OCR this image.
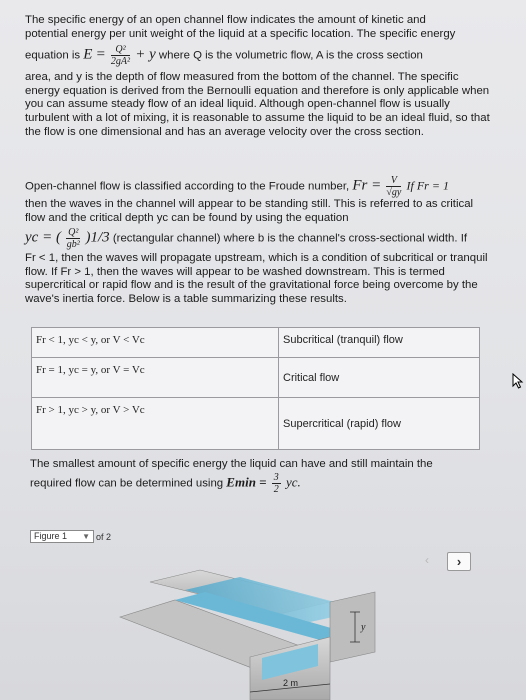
The specific energy of an open channel flow indicates the amount of kinetic and
potential energy per unit weight of the liquid at a specific location. The specific energy
equation is $E = \frac{\text{Q²}}{\text{2gA²}} + y$ where Q is the volumetric flow, A is the cross section
area, and y is the depth of flow measured from the bottom of the channel. The specific energy equation is derived from the Bernoulli equation and therefore is only applicable when you can assume steady flow of an ideal liquid. Although open-channel flow is usually turbulent with a lot of mixing, it is reasonable to assume the liquid to be an ideal fluid, so that the flow is one dimensional and has an average velocity over the cross section.
Open-channel flow is classified according to the Froude number, $Fr = \frac{V}{√gy}$ If Fr = 1
then the waves in the channel will appear to be standing still. This is referred to as critical flow and the critical depth yc can be found by using the equation
yc = ( $\frac{\text{Q²}}{\text{gb²}} )1/3$ (rectangular channel) where b is the channel's cross-sectional width. If
Fr < 1, then the waves will propagate upstream, which is a condition of subcritical or tranquil flow. If Fr > 1, then the waves will appear to be washed downstream. This is termed supercritical or rapid flow and is the result of the gravitational force being overcome by the wave's inertia force. Below is a table summarizing these results.
Fr < 1, yc < y, or V < Vc	Subcritical (tranquil) flow
Fr = 1, yc = y, or V = Vc	Critical flow
Fr > 1, yc > y, or V > Vc	Supercritical (rapid) flow
The smallest amount of specific energy the liquid can have and still maintain the
required flow can be determined using $Emin = \frac{3}{2}$ yc.
Figure 1 ▼ of 2
‹	›
y
2 m
